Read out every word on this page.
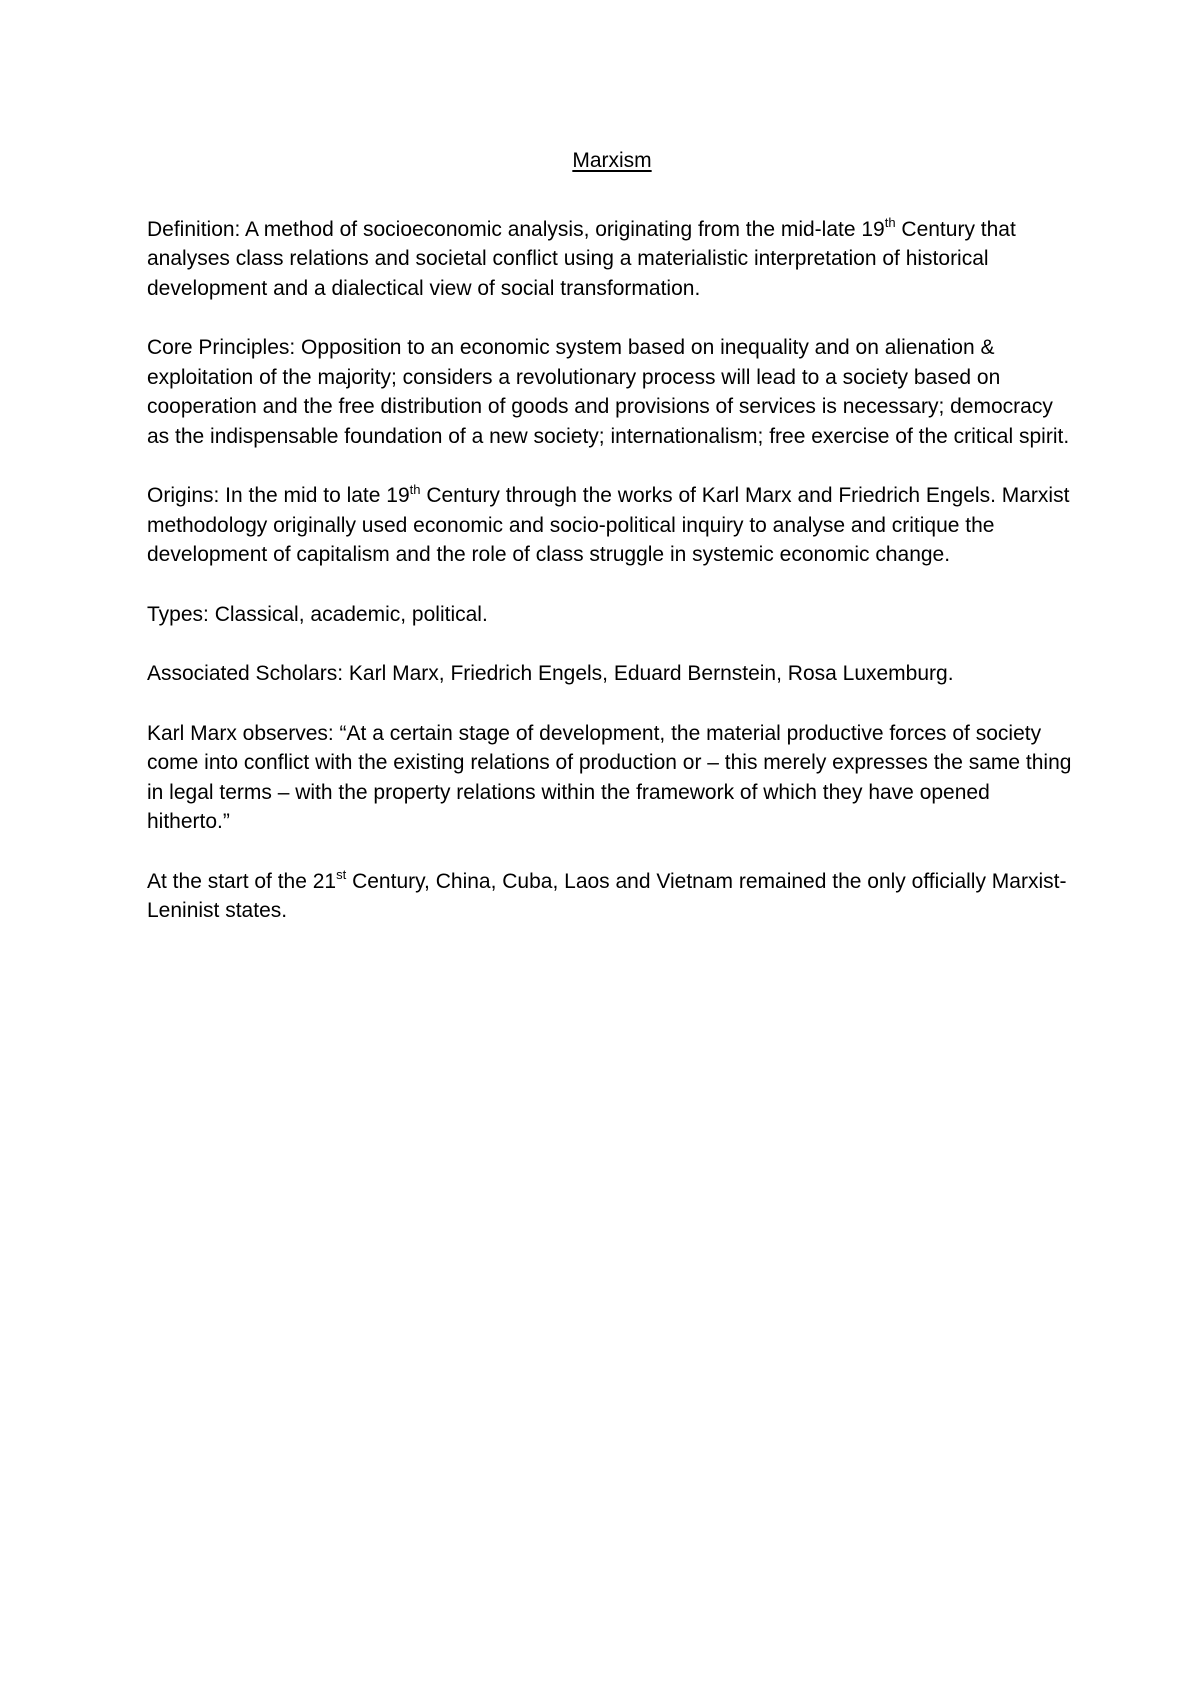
Marxism

Definition: A method of socioeconomic analysis, originating from the mid-late 19th Century that analyses class relations and societal conflict using a materialistic interpretation of historical development and a dialectical view of social transformation.

Core Principles: Opposition to an economic system based on inequality and on alienation & exploitation of the majority; considers a revolutionary process will lead to a society based on cooperation and the free distribution of goods and provisions of services is necessary; democracy as the indispensable foundation of a new society; internationalism; free exercise of the critical spirit.

Origins: In the mid to late 19th Century through the works of Karl Marx and Friedrich Engels. Marxist methodology originally used economic and socio-political inquiry to analyse and critique the development of capitalism and the role of class struggle in systemic economic change.

Types: Classical, academic, political.

Associated Scholars: Karl Marx, Friedrich Engels, Eduard Bernstein, Rosa Luxemburg.

Karl Marx observes: “At a certain stage of development, the material productive forces of society come into conflict with the existing relations of production or – this merely expresses the same thing in legal terms – with the property relations within the framework of which they have opened hitherto.”

At the start of the 21st Century, China, Cuba, Laos and Vietnam remained the only officially Marxist-Leninist states.
